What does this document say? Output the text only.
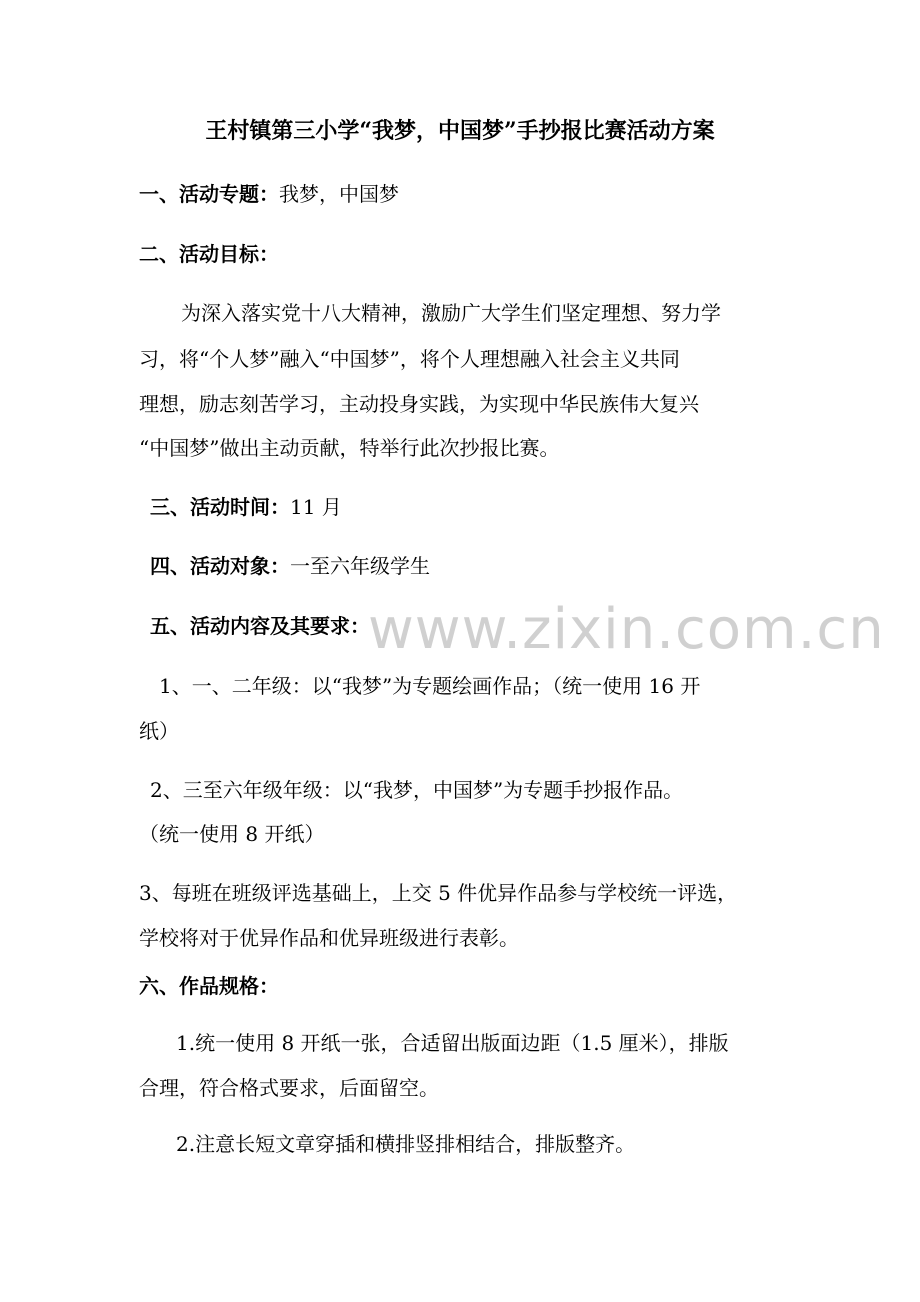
王村镇第三小学“我梦，中国梦”手抄报比赛活动方案
一、活动专题：我梦，中国梦
二、活动目标：
为深入落实党十八大精神，激励广大学生们坚定理想、努力学
习，将“个人梦”融入“中国梦”，将个人理想融入社会主义共同
理想，励志刻苦学习，主动投身实践，为实现中华民族伟大复兴
“中国梦”做出主动贡献，特举行此次抄报比赛。
三、活动时间：11 月
四、活动对象：一至六年级学生
五、活动内容及其要求：
1、一、二年级：以“我梦”为专题绘画作品；（统一使用 16 开
纸）
2、三至六年级年级：以“我梦，中国梦”为专题手抄报作品。
（统一使用 8 开纸）
3、每班在班级评选基础上，上交 5 件优异作品参与学校统一评选，
学校将对于优异作品和优异班级进行表彰。
六、作品规格：
1.统一使用 8 开纸一张，合适留出版面边距（1.5 厘米），排版
合理，符合格式要求，后面留空。
2.注意长短文章穿插和横排竖排相结合，排版整齐。
www.zixin.com.cn
